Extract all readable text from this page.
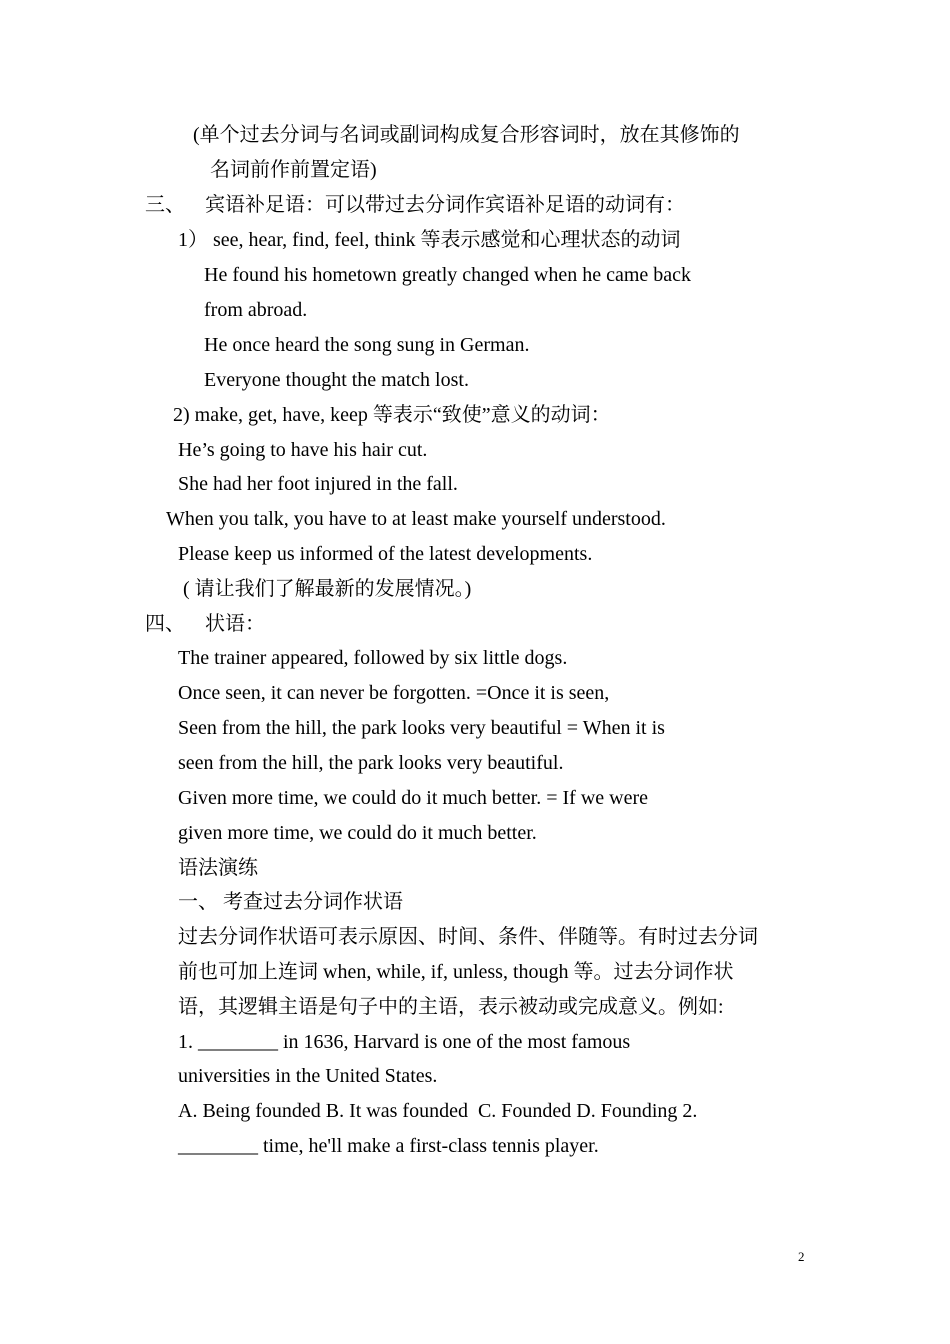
(单个过去分词与名词或副词构成复合形容词时，放在其修饰的
名词前作前置定语)
三、    宾语补足语：可以带过去分词作宾语补足语的动词有：
1） see, hear, find, feel, think 等表示感觉和心理状态的动词
He found his hometown greatly changed when he came back
from abroad.
He once heard the song sung in German.
Everyone thought the match lost.
2) make, get, have, keep 等表示“致使”意义的动词：
He’s going to have his hair cut.
She had her foot injured in the fall.
When you talk, you have to at least make yourself understood.
Please keep us informed of the latest developments.
( 请让我们了解最新的发展情况。)
四、    状语：
The trainer appeared, followed by six little dogs.
Once seen, it can never be forgotten. =Once it is seen,
Seen from the hill, the park looks very beautiful = When it is
seen from the hill, the park looks very beautiful.
Given more time, we could do it much better. = If we were
given more time, we could do it much better.
语法演练
一、 考查过去分词作状语
过去分词作状语可表示原因、时间、条件、伴随等。有时过去分词
前也可加上连词 when, while, if, unless, though 等。过去分词作状
语，其逻辑主语是句子中的主语，表示被动或完成意义。例如:
1. ________ in 1636, Harvard is one of the most famous
universities in the United States.
A. Being founded B. It was founded  C. Founded D. Founding 2.
________ time, he'll make a first-class tennis player.
2
